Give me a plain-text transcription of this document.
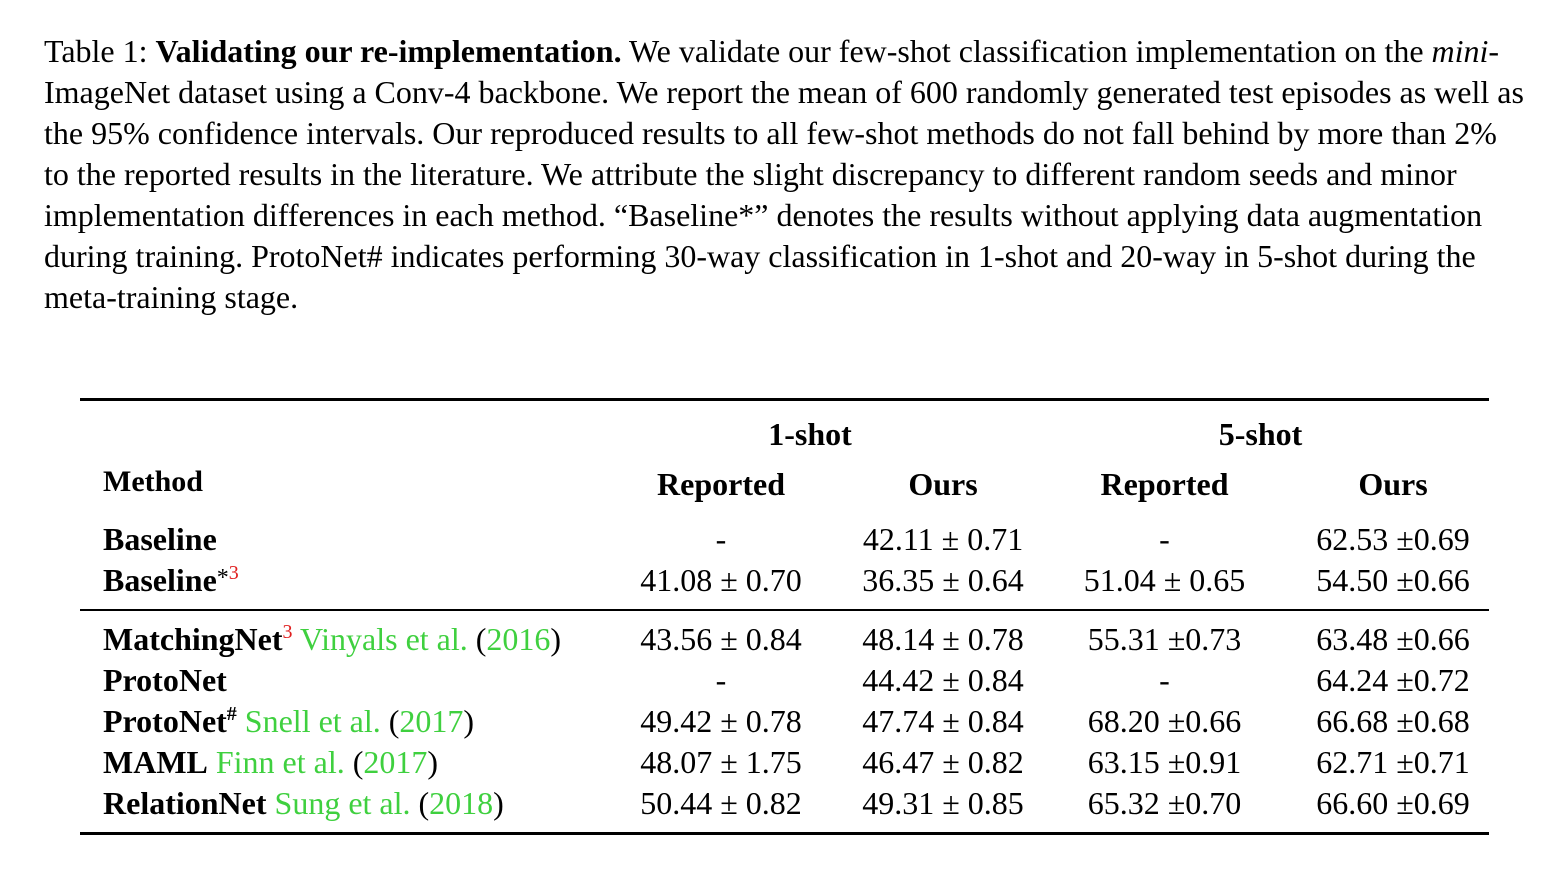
Table 1: Validating our re-implementation. We validate our few-shot classification implementation on the mini-ImageNet dataset using a Conv-4 backbone. We report the mean of 600 randomly generated test episodes as well as the 95% confidence intervals. Our reproduced results to all few-shot methods do not fall behind by more than 2% to the reported results in the literature. We attribute the slight discrepancy to different random seeds and minor implementation differences in each method. “Baseline*” denotes the results without applying data augmentation during training. ProtoNet# indicates performing 30-way classification in 1-shot and 20-way in 5-shot during the meta-training stage.

	1-shot		5-shot	
Method	Reported	Ours	Reported	Ours
Baseline	-	42.11 ± 0.71	-	62.53 ±0.69
Baseline*$^3$	41.08 ± 0.70	36.35 ± 0.64	51.04 ± 0.65	54.50 ±0.66
MatchingNet$^3$ Vinyals et al. (2016)	43.56 ± 0.84	48.14 ± 0.78	55.31 ±0.73	63.48 ±0.66
ProtoNet	-	44.42 ± 0.84	-	64.24 ±0.72
ProtoNet# Snell et al. (2017)	49.42 ± 0.78	47.74 ± 0.84	68.20 ±0.66	66.68 ±0.68
MAML Finn et al. (2017)	48.07 ± 1.75	46.47 ± 0.82	63.15 ±0.91	62.71 ±0.71
RelationNet Sung et al. (2018)	50.44 ± 0.82	49.31 ± 0.85	65.32 ±0.70	66.60 ±0.69
